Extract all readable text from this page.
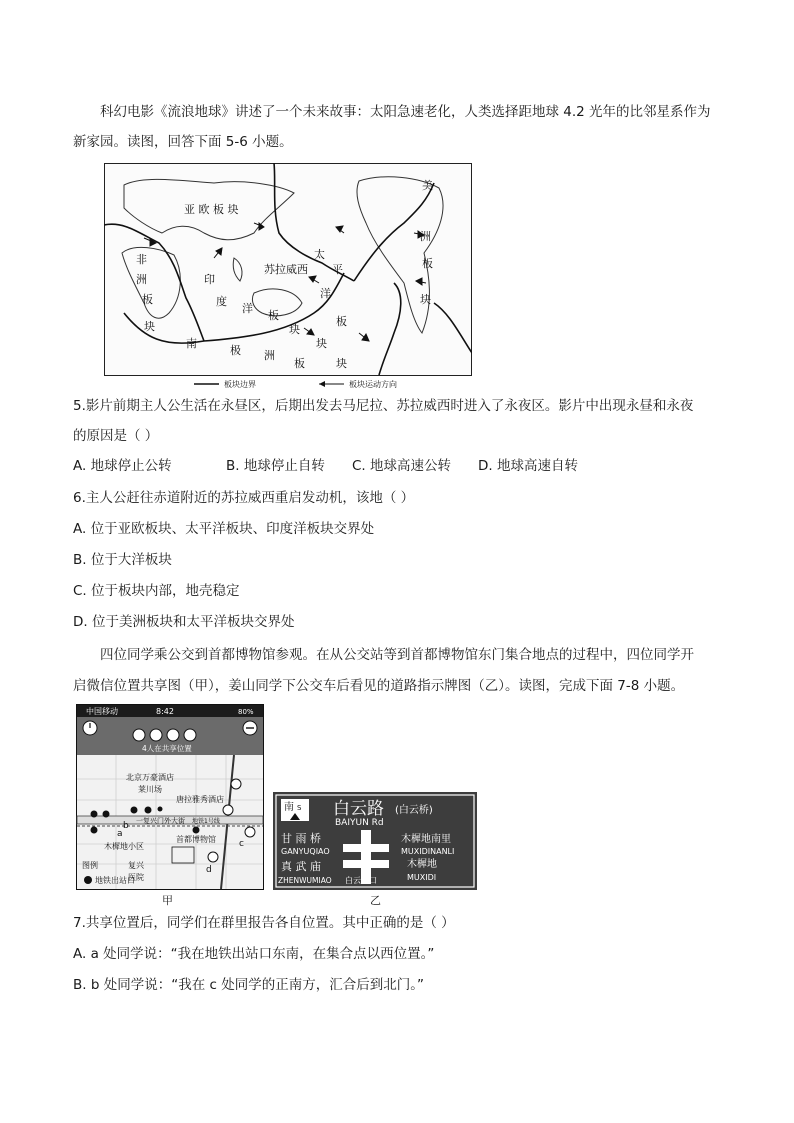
科幻电影《流浪地球》讲述了一个未来故事：太阳急速老化，人类选择距地球 4.2 光年的比邻星系作为
新家园。读图，回答下面 5-6 小题。
亚 欧 板 块
非
洲
板
块
印
度
洋
板
块
苏拉威西
太
平
洋
板
块
美
洲
板
块
南
极 洲
板	块
板块边界	板块运动方向
5.影片前期主人公生活在永昼区，后期出发去马尼拉、苏拉威西时进入了永夜区。影片中出现永昼和永夜
的原因是（ ）
A. 地球停止公转	B. 地球停止自转 C. 地球高速公转 D. 地球高速自转
6.主人公赶往赤道附近的苏拉威西重启发动机，该地（ ）
A. 位于亚欧板块、太平洋板块、印度洋板块交界处
B. 位于大洋板块
C. 位于板块内部，地壳稳定
D. 位于美洲板块和太平洋板块交界处
四位同学乘公交到首都博物馆参观。在从公交站等到首都博物馆东门集合地点的过程中，四位同学开
启微信位置共享图（甲），姜山同学下公交车后看见的道路指示牌图（乙）。读图，完成下面 7-8 小题。
中国移动	8:42	80%
4人在共享位置
北京万豪酒店
莱川场
唐拉雅秀酒店
一复兴门外大街 地铁1号线
木樨地小区
首都博物馆
复兴
医院
a
b
c
d
图例
地铁出站口
甲
南 S 白云路 (白云桥)
BAIYUN Rd
甘 雨 桥
GANYUQIAO
真 武 庙
ZHENWUMIAO 白云路口
木樨地南里
MUXIDINANLI
木樨地
MUXIDI
乙
7.共享位置后，同学们在群里报告各自位置。其中正确的是（ ）
A. a 处同学说：“我在地铁出站口东南，在集合点以西位置。”
B. b 处同学说：“我在 c 处同学的正南方，汇合后到北门。”
